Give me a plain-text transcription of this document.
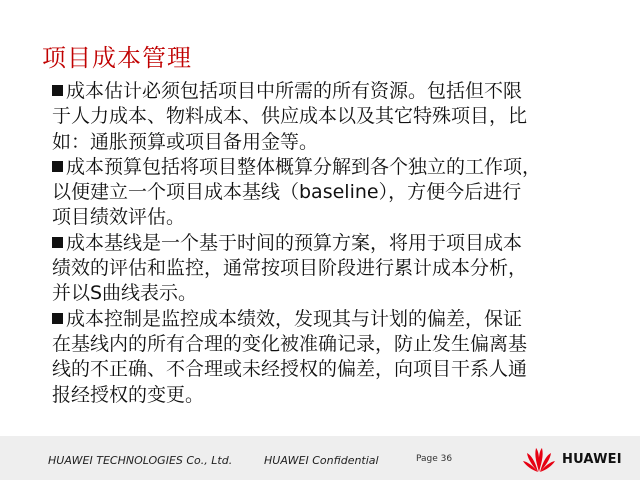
项目成本管理
成本估计必须包括项目中所需的所有资源。包括但不限
于人力成本、物料成本、供应成本以及其它特殊项目，比
如：通胀预算或项目备用金等。
成本预算包括将项目整体概算分解到各个独立的工作项，
以便建立一个项目成本基线（baseline），方便今后进行
项目绩效评估。
成本基线是一个基于时间的预算方案，将用于项目成本
绩效的评估和监控，通常按项目阶段进行累计成本分析，
并以S曲线表示。
成本控制是监控成本绩效，发现其与计划的偏差，保证
在基线内的所有合理的变化被准确记录，防止发生偏离基
线的不正确、不合理或未经授权的偏差，向项目干系人通
报经授权的变更。
HUAWEI TECHNOLOGIES Co., Ltd.	HUAWEI Confidential	Page 36	HUAWEI
